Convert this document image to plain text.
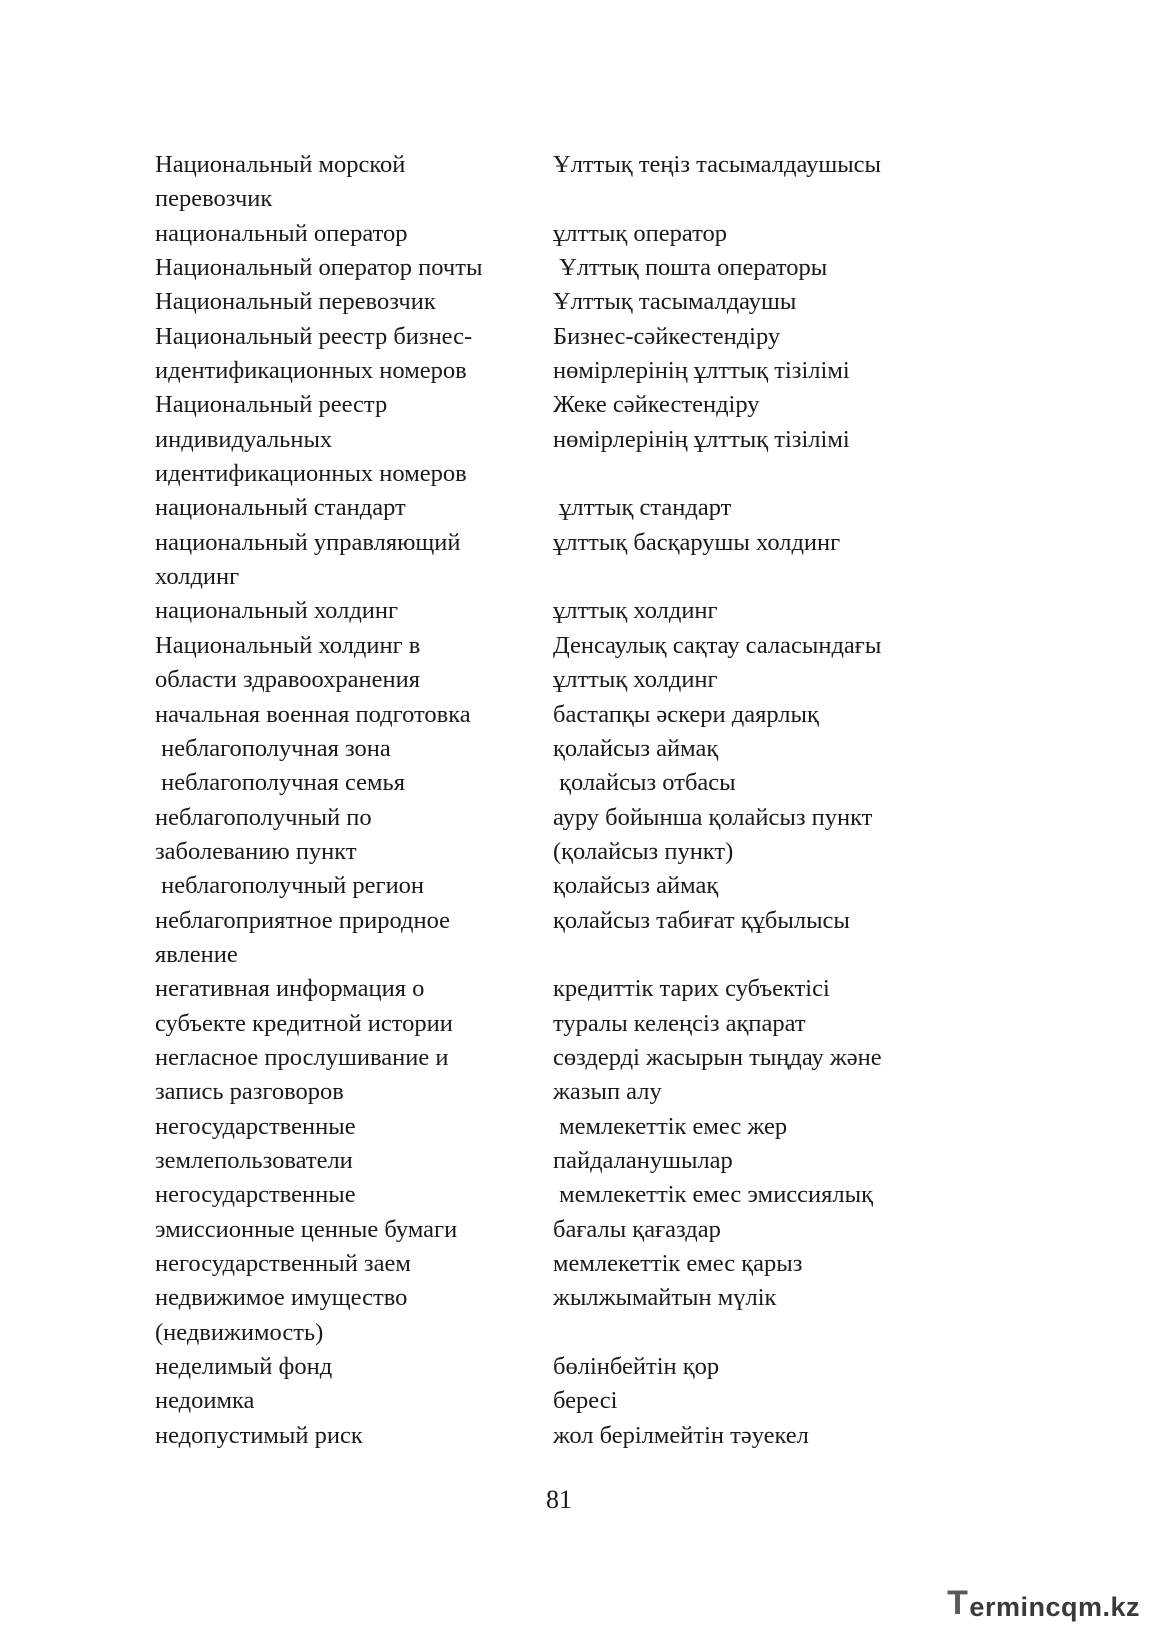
Национальный морской	Ұлттық теңіз тасымалдаушысы
перевозчик
национальный оператор	ұлттық оператор
Национальный оператор почты	Ұлттық пошта операторы
Национальный перевозчик	Ұлттық тасымалдаушы
Национальный реестр бизнес-	Бизнес-сәйкестендіру
идентификационных номеров	нөмірлерінің ұлттық тізілімі
Национальный реестр	Жеке сәйкестендіру
индивидуальных	нөмірлерінің ұлттық тізілімі
идентификационных номеров
национальный стандарт	ұлттық стандарт
национальный управляющий	ұлттық басқарушы холдинг
холдинг
национальный холдинг	ұлттық холдинг
Национальный холдинг в	Денсаулық сақтау саласындағы
области здравоохранения	ұлттық холдинг
начальная военная подготовка	бастапқы әскери даярлық
неблагополучная зона	қолайсыз аймақ
неблагополучная семья	қолайсыз отбасы
неблагополучный по	ауру бойынша қолайсыз пункт
заболеванию пункт	(қолайсыз пункт)
неблагополучный регион	қолайсыз аймақ
неблагоприятное природное	қолайсыз табиғат құбылысы
явление
негативная информация о	кредиттік тарих субъектісі
субъекте кредитной истории	туралы келеңсіз ақпарат
негласное прослушивание и	сөздерді жасырын тыңдау және
запись разговоров	жазып алу
негосударственные	мемлекеттік емес жер
землепользователи	пайдаланушылар
негосударственные	мемлекеттік емес эмиссиялық
эмиссионные ценные бумаги	бағалы қағаздар
негосударственный заем	мемлекеттік емес қарыз
недвижимое имущество	жылжымайтын мүлік
(недвижимость)
неделимый фонд	бөлінбейтін қор
недоимка	бересі
недопустимый риск	жол берілмейтін тәуекел
81
T ermincq m.kz
